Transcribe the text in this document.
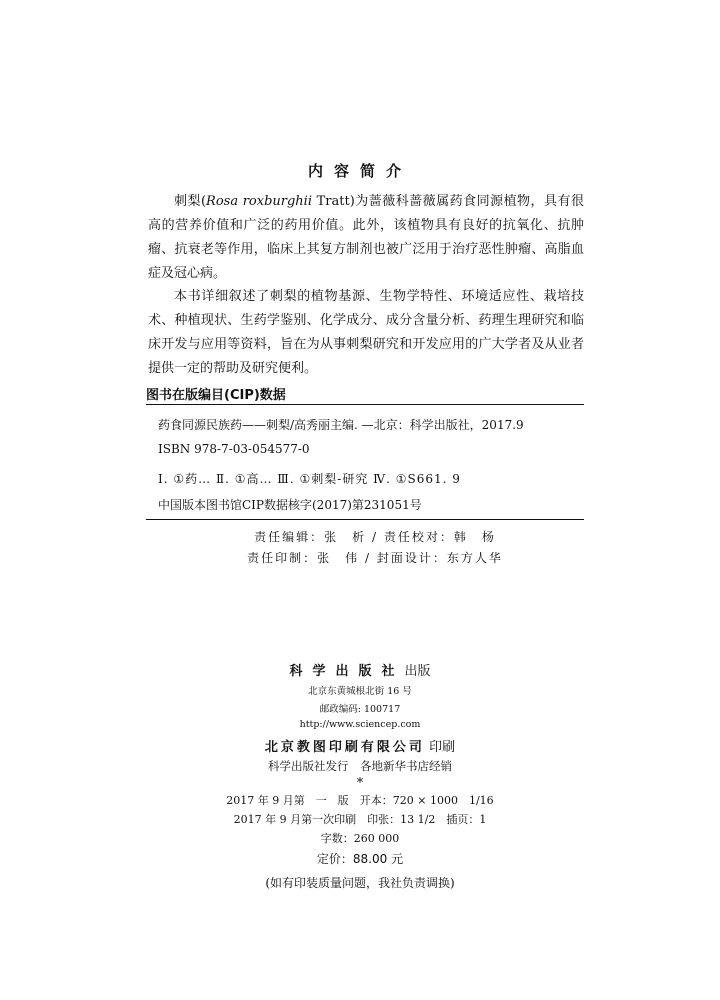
内容简介

刺梨(Rosa roxburghii Tratt)为蔷薇科蔷薇属药食同源植物，具有很高的营养价值和广泛的药用价值。此外，该植物具有良好的抗氧化、抗肿瘤、抗衰老等作用，临床上其复方制剂也被广泛用于治疗恶性肿瘤、高脂血症及冠心病。

本书详细叙述了刺梨的植物基源、生物学特性、环境适应性、栽培技术、种植现状、生药学鉴别、化学成分、成分含量分析、药理生理研究和临床开发与应用等资料，旨在为从事刺梨研究和开发应用的广大学者及从业者提供一定的帮助及研究便利。

图书在版编目(CIP)数据
药食同源民族药——刺梨/高秀丽主编. —北京：科学出版社，2017.9
ISBN 978-7-03-054577-0
Ⅰ. ①药… Ⅱ. ①高… Ⅲ. ①刺梨-研究 Ⅳ. ①S661. 9
中国版本图书馆CIP数据核字(2017)第231051号
责任编辑：张　析 / 责任校对：韩　杨
责任印制：张　伟 / 封面设计：东方人华
科学出版社出版
北京东黄城根北街 16 号
邮政编码: 100717
http://www.sciencep.com
北京教图印刷有限公司 印刷
科学出版社发行　各地新华书店经销
*
2017 年 9 月第　一　版　开本：720 × 1000　1/16
2017 年 9 月第一次印刷　印张：13 1/2　插页：1
字数：260 000
定价：88.00 元
(如有印装质量问题，我社负责调换)
